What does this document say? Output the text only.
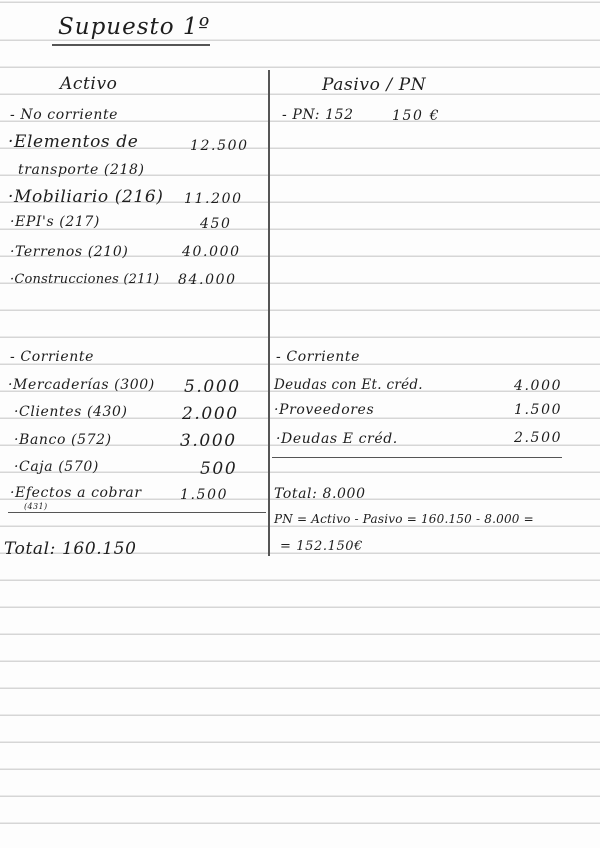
Supuesto 1º
Activo
- No corriente
·Elementos de
transporte (218)
12.500
·Mobiliario (216) 11.200
·EPI's (217)	450
·Terrenos (210)	40.000
·Construcciones (211) 84.000
- Corriente
·Mercaderías (300) 5.000
·Clientes (430)	2.000
·Banco (572)	3.000
·Caja (570)	500
·Efectos a cobrar
(431)
1.500
Total: 160.150
Pasivo / PN
- PN: 152	150 €
- Corriente
Deudas con Et. créd.	4.000
·Proveedores	1.500
·Deudas E créd.	2.500
Total: 8.000
PN = Activo - Pasivo = 160.150 - 8.000 =
= 152.150€
